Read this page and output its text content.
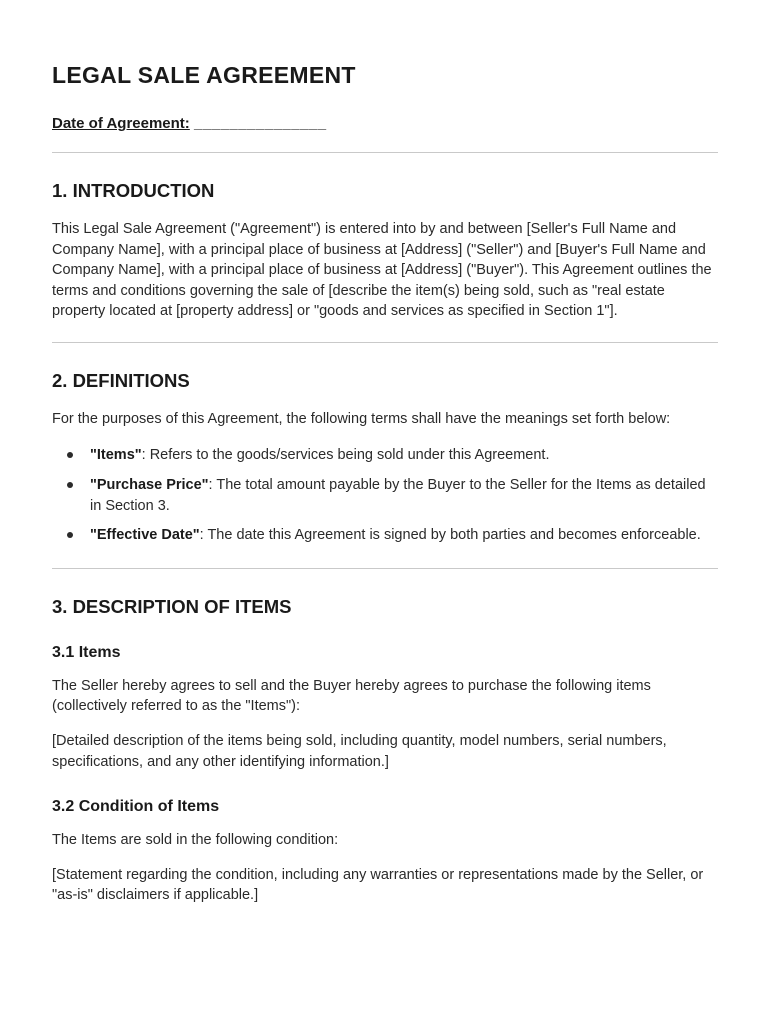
LEGAL SALE AGREEMENT
Date of Agreement: _______________
1. INTRODUCTION

This Legal Sale Agreement ("Agreement") is entered into by and between [Seller's Full Name and Company Name], with a principal place of business at [Address] ("Seller") and [Buyer's Full Name and Company Name], with a principal place of business at [Address] ("Buyer"). This Agreement outlines the terms and conditions governing the sale of [describe the item(s) being sold, such as "real estate property located at [property address] or "goods and services as specified in Section 1"].

2. DEFINITIONS

For the purposes of this Agreement, the following terms shall have the meanings set forth below:

"Items": Refers to the goods/services being sold under this Agreement.
"Purchase Price": The total amount payable by the Buyer to the Seller for the Items as detailed in Section 3.
"Effective Date": The date this Agreement is signed by both parties and becomes enforceable.
3. DESCRIPTION OF ITEMS
3.1 Items

The Seller hereby agrees to sell and the Buyer hereby agrees to purchase the following items (collectively referred to as the "Items"):

[Detailed description of the items being sold, including quantity, model numbers, serial numbers, specifications, and any other identifying information.]

3.2 Condition of Items

The Items are sold in the following condition:

[Statement regarding the condition, including any warranties or representations made by the Seller, or "as-is" disclaimers if applicable.]
